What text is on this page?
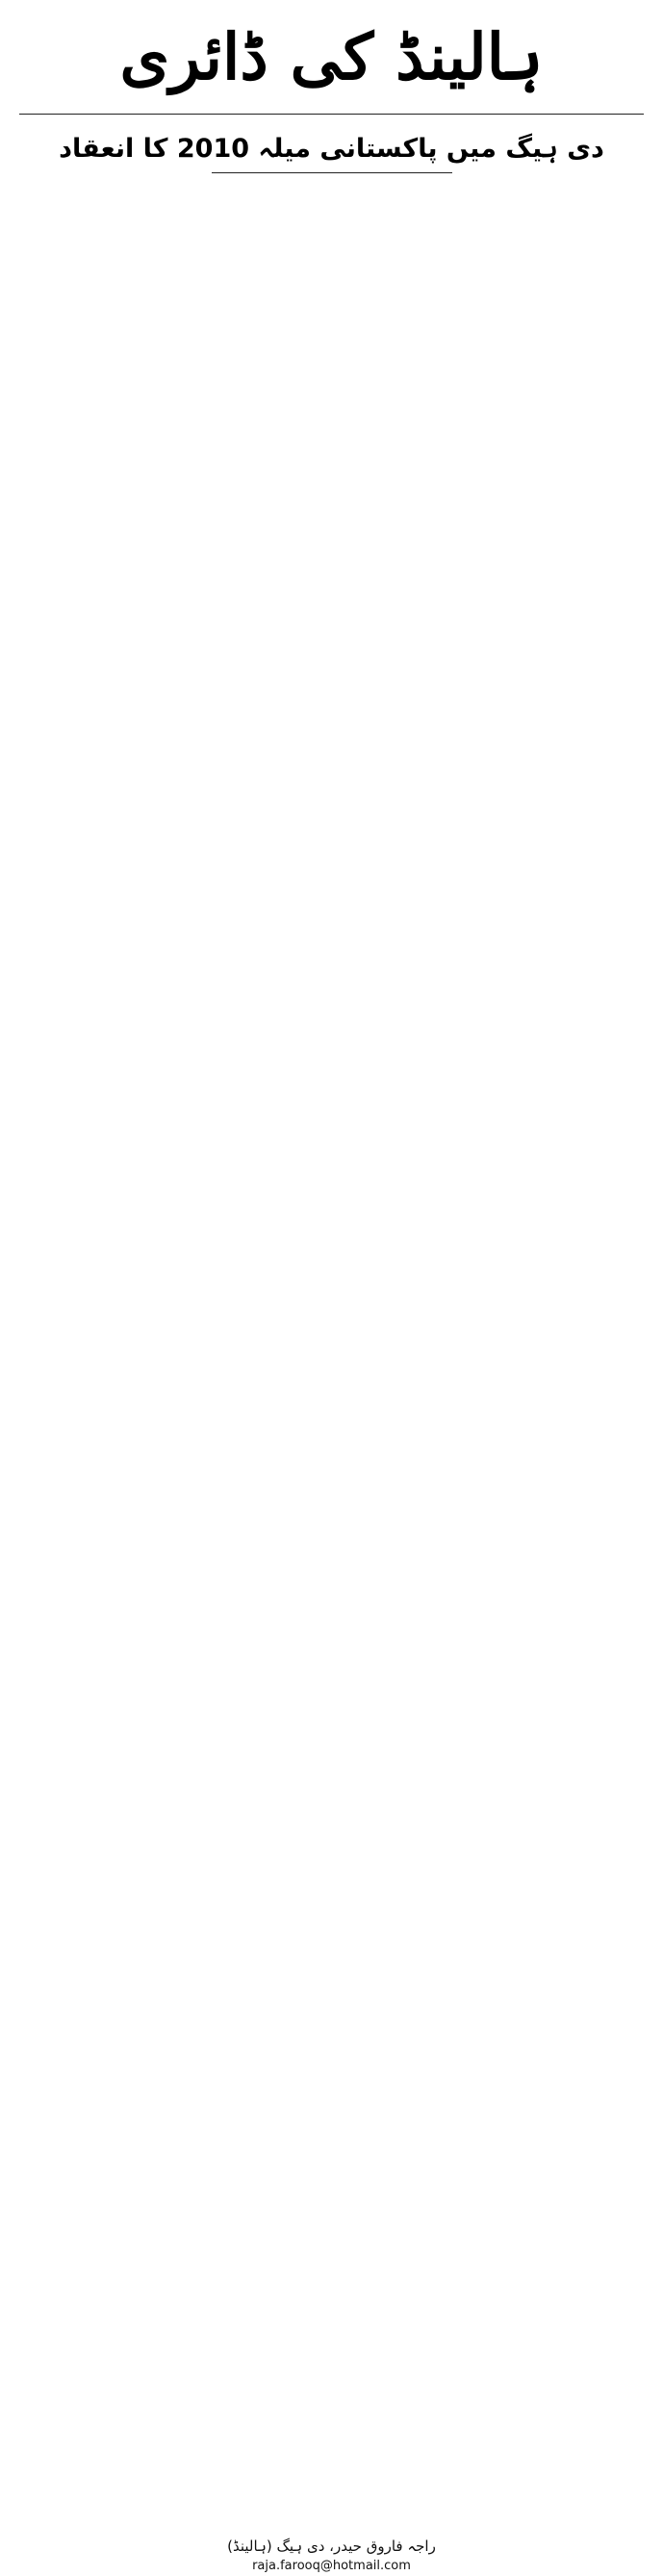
ہالینڈ کی ڈائری
دی ہیگ میں پاکستانی میلہ 2010 کا انعقاد

راجہ فاروق حیدر، دی ہیگ (ہالینڈ)
raja.farooq@hotmail.com
